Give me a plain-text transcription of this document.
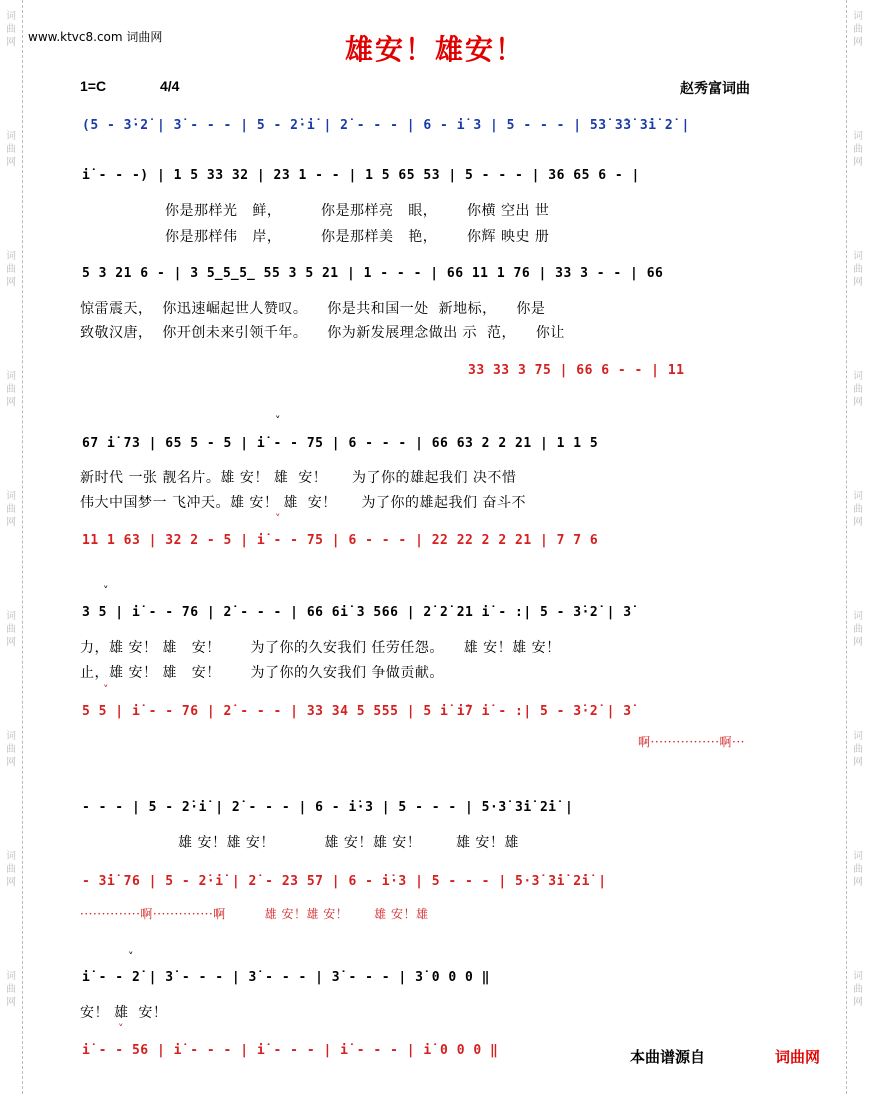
词曲网
词曲网
词曲网
词曲网
词曲网
词曲网
词曲网
词曲网
词曲网
词曲网
词曲网
词曲网
词曲网
词曲网
词曲网
词曲网
词曲网
词曲网
www.ktvc8.com 词曲网	雄安！雄安！
1=C	4/4	赵秀富词曲
(5 - 3̇·2̇ | 3̇ - - - | 5 - 2̇·i̇ | 2̇ - - - | 6 - i̇ 3 | 5 - - - | 53̇ 3̇3̇ 3̇i̇ 2̇ |
i̇ - - -) | 1 5 33 32 | 23 1 - - | 1 5 65 53 | 5 - - - | 36 65 6 - |
你是那样光   鲜，        你是那样亮   眼，      你横 空出 世
你是那样伟   岸，        你是那样美   艳，      你辉 映史 册
5 3 21 6 - | 3 5̲5̲5̲ 55 3 5 21 | 1 - - - | 66 11 1 76 | 33 3 - - | 66
惊雷震天，  你迅速崛起世人赞叹。    你是共和国一处  新地标，    你是
致敬汉唐，  你开创未来引领千年。    你为新发展理念做出 示  范，    你让
33 33 3 75 | 66 6 - - | 11
˅
67 i̇ 73 | 65 5 - 5 | i̇ - - 75 | 6 - - - | 66 63 2 2 21 | 1 1 5
新时代 一张 靓名片。雄 安！ 雄  安！     为了你的雄起我们 决不惜
伟大中国梦一 飞冲天。雄 安！ 雄  安！     为了你的雄起我们 奋斗不
˅
11 1 63 | 32 2 - 5 | i̇ - - 75 | 6 - - - | 22 22 2 2 21 | 7 7 6
˅
3 5 | i̇ - - 76 | 2̇ - - - | 66 6i̇ 3 566 | 2̇ 2̇ 21 i̇ - :| 5 - 3̇·2̇ | 3̇
力，雄 安！ 雄   安！      为了你的久安我们 任劳任怨。    雄 安！雄 安！
止，雄 安！ 雄   安！      为了你的久安我们 争做贡献。
˅
5 5 | i̇ - - 76 | 2̇ - - - | 33 34 5 555 | 5 i̇ i̇7 i̇ - :| 5 - 3̇·2̇ | 3̇
啊················啊···
- - - | 5 - 2̇·i̇ | 2̇ - - - | 6 - i̇·3 | 5 - - - | 5·3̇ 3̇i̇ 2̇i̇ |
雄 安！雄 安！          雄 安！雄 安！       雄 安！雄
- 3̇i̇ 76 | 5 - 2̇·i̇ | 2̇ - 23 57 | 6 - i̇·3 | 5 - - - | 5·3̇ 3̇i̇ 2̇i̇ |
··············啊··············啊         雄 安！雄 安！      雄 安！雄
˅
i̇ - - 2̇ | 3̇ - - - | 3̇ - - - | 3̇ - - - | 3̇ 0 0 0 ‖
安！ 雄  安！
˅
i̇ - - 56 | i̇ - - - | i̇ - - - | i̇ - - - | i̇ 0 0 0 ‖	本曲谱源自	词曲网
